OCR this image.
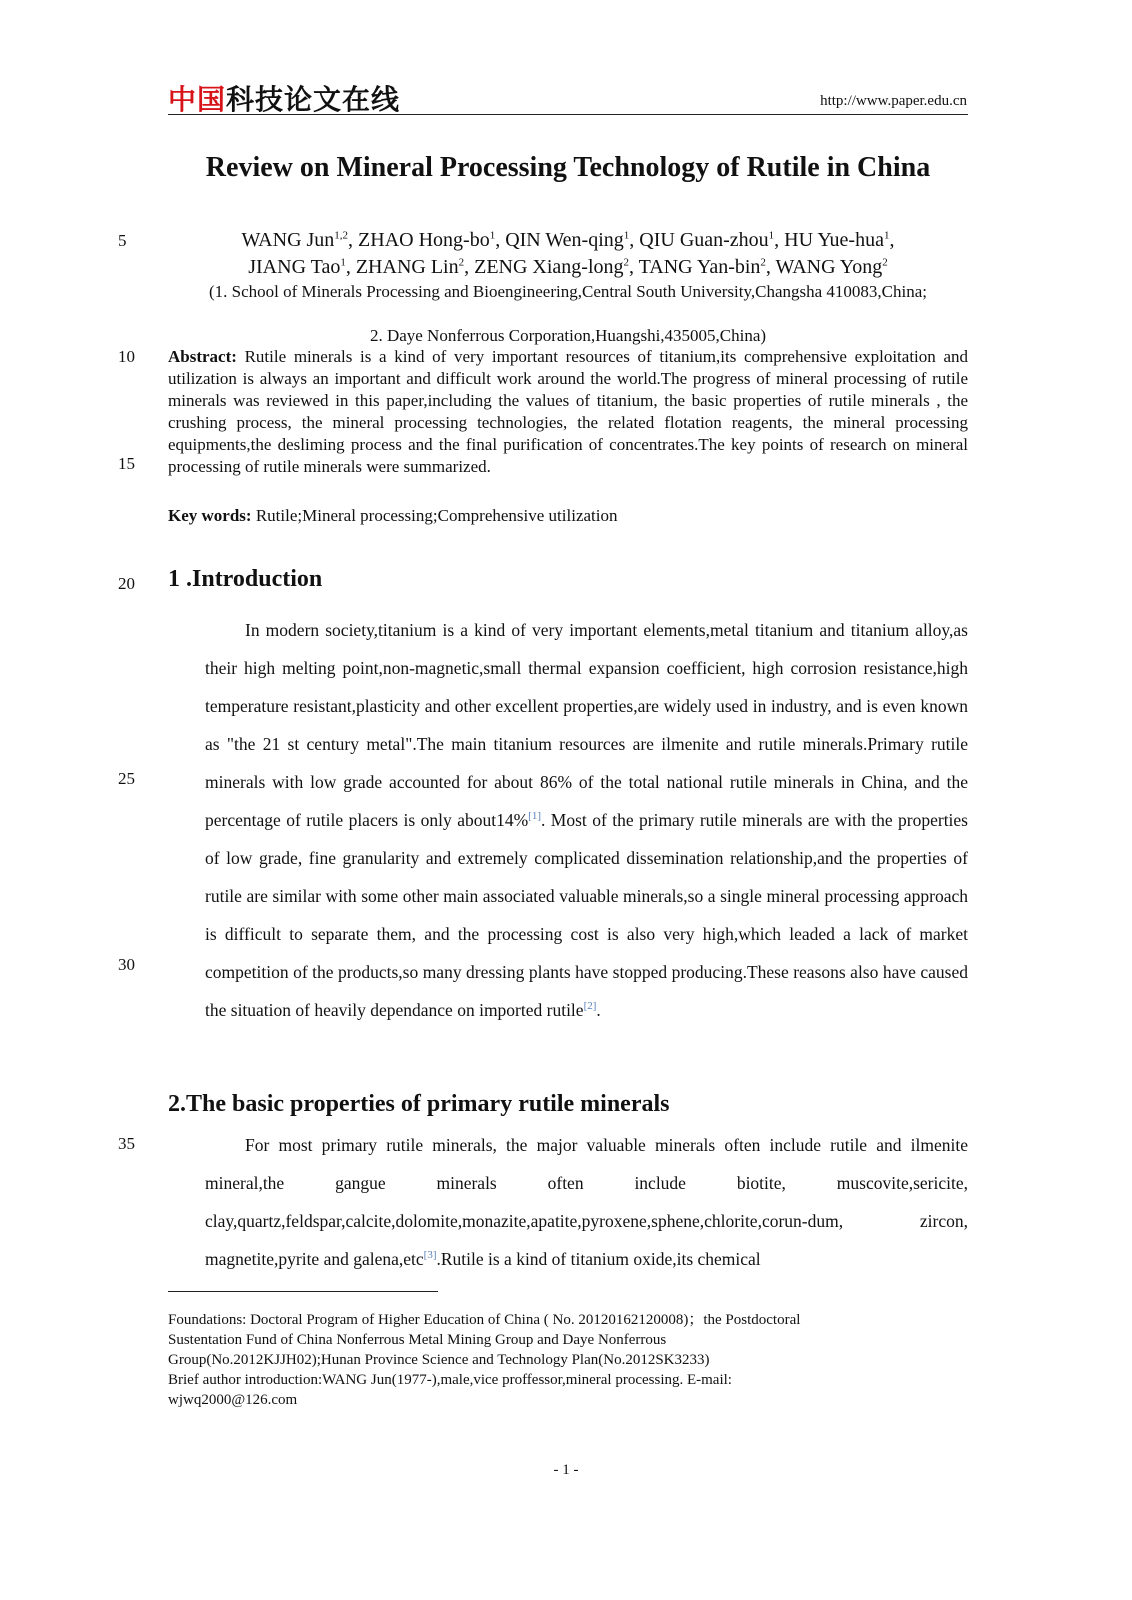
中国科技论文在线	http://www.paper.edu.cn
Review on Mineral Processing Technology of Rutile in China
5
10
15
20
25
30
35
WANG Jun$^{1,2}$, ZHAO Hong-$bo^1$, QIN Wen-qing$^1$, QIU Guan-zhou$^1$, HU Yue-hua$^1$,
JIANG Tao$^1$, ZHANG Lin$^2$, ZENG Xiang-long$^2$, TANG Yan-bin$^2$, WANG Yong$^2$
(1. School of Minerals Processing and Bioengineering,Central South University,Changsha 410083,China;
2. Daye Nonferrous Corporation,Huangshi,435005,China)
Abstract: Rutile minerals is a kind of very important resources of titanium,its comprehensive exploitation and utilization is always an important and difficult work around the world.The progress of mineral processing of rutile minerals was reviewed in this paper,including the values of titanium, the basic properties of rutile minerals , the crushing process, the mineral processing technologies, the related flotation reagents, the mineral processing equipments,the desliming process and the final purification of concentrates.The key points of research on mineral processing of rutile minerals were summarized.
Key words: Rutile;Mineral processing;Comprehensive utilization
1 .Introduction
In modern society,titanium is a kind of very important elements,metal titanium and titanium alloy,as their high melting point,non-magnetic,small thermal expansion coefficient, high corrosion resistance,high temperature resistant,plasticity and other excellent properties,are widely used in industry, and is even known as "the 21 st century metal".The main titanium resources are ilmenite and rutile minerals.Primary rutile minerals with low grade accounted for about 86% of the total national rutile minerals in China, and the percentage of rutile placers is only about14%[1]. Most of the primary rutile minerals are with the properties of low grade, fine granularity and extremely complicated dissemination relationship,and the properties of rutile are similar with some other main associated valuable minerals,so a single mineral processing approach is difficult to separate them, and the processing cost is also very high,which leaded a lack of market competition of the products,so many dressing plants have stopped producing.These reasons also have caused the situation of heavily dependance on imported rutile[2].
2.The basic properties of primary rutile minerals
For most primary rutile minerals, the major valuable minerals often include rutile and ilmenite mineral,the gangue minerals often include biotite, muscovite,sericite, clay,quartz,feldspar,calcite,dolomite,monazite,apatite,pyroxene,sphene,chlorite,corun-dum, zircon, magnetite,pyrite and galena,etc[3].Rutile is a kind of titanium oxide,its chemical
Foundations: Doctoral Program of Higher Education of China ( No. 20120162120008)；the Postdoctoral
Sustentation Fund of China Nonferrous Metal Mining Group and Daye Nonferrous
Group(No.2012KJJH02);Hunan Province Science and Technology Plan(No.2012SK3233)
Brief author introduction:WANG Jun(1977-),male,vice proffessor,mineral processing. E-mail:
wjwq2000@126.com
- 1 -
